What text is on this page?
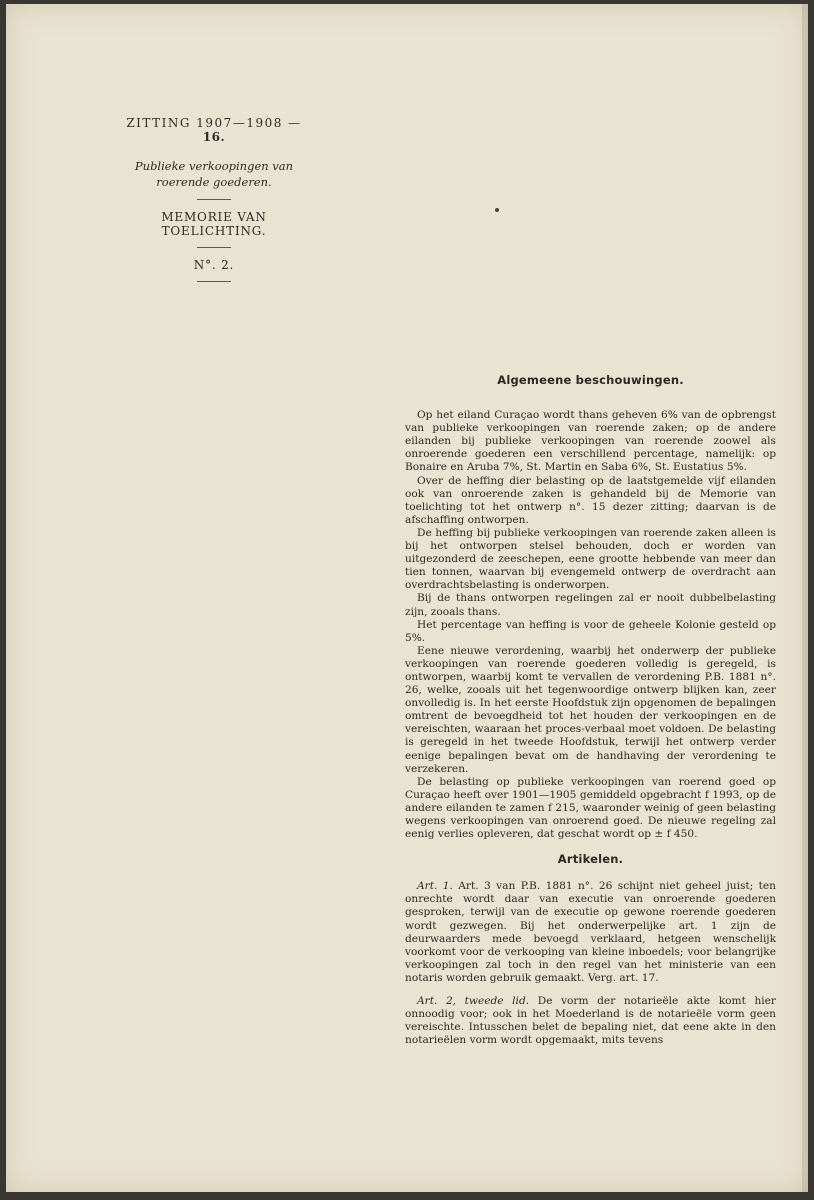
ZITTING 1907—1908 — 16.
Publieke verkoopingen van roerende goederen.
MEMORIE VAN TOELICHTING.
N°. 2.
Algemeene beschouwingen.

Op het eiland Curaçao wordt thans geheven 6% van de opbrengst van publieke verkoopingen van roerende zaken; op de andere eilanden bij publieke verkoopingen van roerende zoowel als onroerende goederen een verschillend percentage, namelijk: op Bonaire en Aruba 7%, St. Martin en Saba 6%, St. Eustatius 5%.

Over de heffing dier belasting op de laatstgemelde vijf eilanden ook van onroerende zaken is gehandeld bij de Memorie van toelichting tot het ontwerp n°. 15 dezer zitting; daarvan is de afschaffing ontworpen.

De heffing bij publieke verkoopingen van roerende zaken alleen is bij het ontworpen stelsel behouden, doch er worden van uitgezonderd de zeeschepen, eene grootte hebbende van meer dan tien tonnen, waarvan bij evengemeld ontwerp de overdracht aan overdrachtsbelasting is onderworpen.

Bij de thans ontworpen regelingen zal er nooit dubbelbelasting zijn, zooals thans.

Het percentage van heffing is voor de geheele Kolonie gesteld op 5%.

Eene nieuwe verordening, waarbij het onderwerp der publieke verkoopingen van roerende goederen volledig is geregeld, is ontworpen, waarbij komt te vervallen de verordening P.B. 1881 n°. 26, welke, zooals uit het tegenwoordige ontwerp blijken kan, zeer onvolledig is. In het eerste Hoofdstuk zijn opgenomen de bepalingen omtrent de bevoegdheid tot het houden der verkoopingen en de vereischten, waaraan het proces-verbaal moet voldoen. De belasting is geregeld in het tweede Hoofdstuk, terwijl het ontwerp verder eenige bepalingen bevat om de handhaving der verordening te verzekeren.

De belasting op publieke verkoopingen van roerend goed op Curaçao heeft over 1901—1905 gemiddeld opgebracht f 1993, op de andere eilanden te zamen f 215, waaronder weinig of geen belasting wegens verkoopingen van onroerend goed. De nieuwe regeling zal eenig verlies opleveren, dat geschat wordt op ± f 450.

Artikelen.

Art. 1. Art. 3 van P.B. 1881 n°. 26 schijnt niet geheel juist; ten onrechte wordt daar van executie van onroerende goederen gesproken, terwijl van de executie op gewone roerende goederen wordt gezwegen. Bij het onderwerpelijke art. 1 zijn de deurwaarders mede bevoegd verklaard, hetgeen wenschelijk voorkomt voor de verkooping van kleine inboedels; voor belangrijke verkoopingen zal toch in den regel van het ministerie van een notaris worden gebruik gemaakt. Verg. art. 17.

Art. 2, tweede lid. De vorm der notarieële akte komt hier onnoodig voor; ook in het Moederland is de notarieële vorm geen vereischte. Intusschen belet de bepaling niet, dat eene akte in den notarieëlen vorm wordt opgemaakt, mits tevens
